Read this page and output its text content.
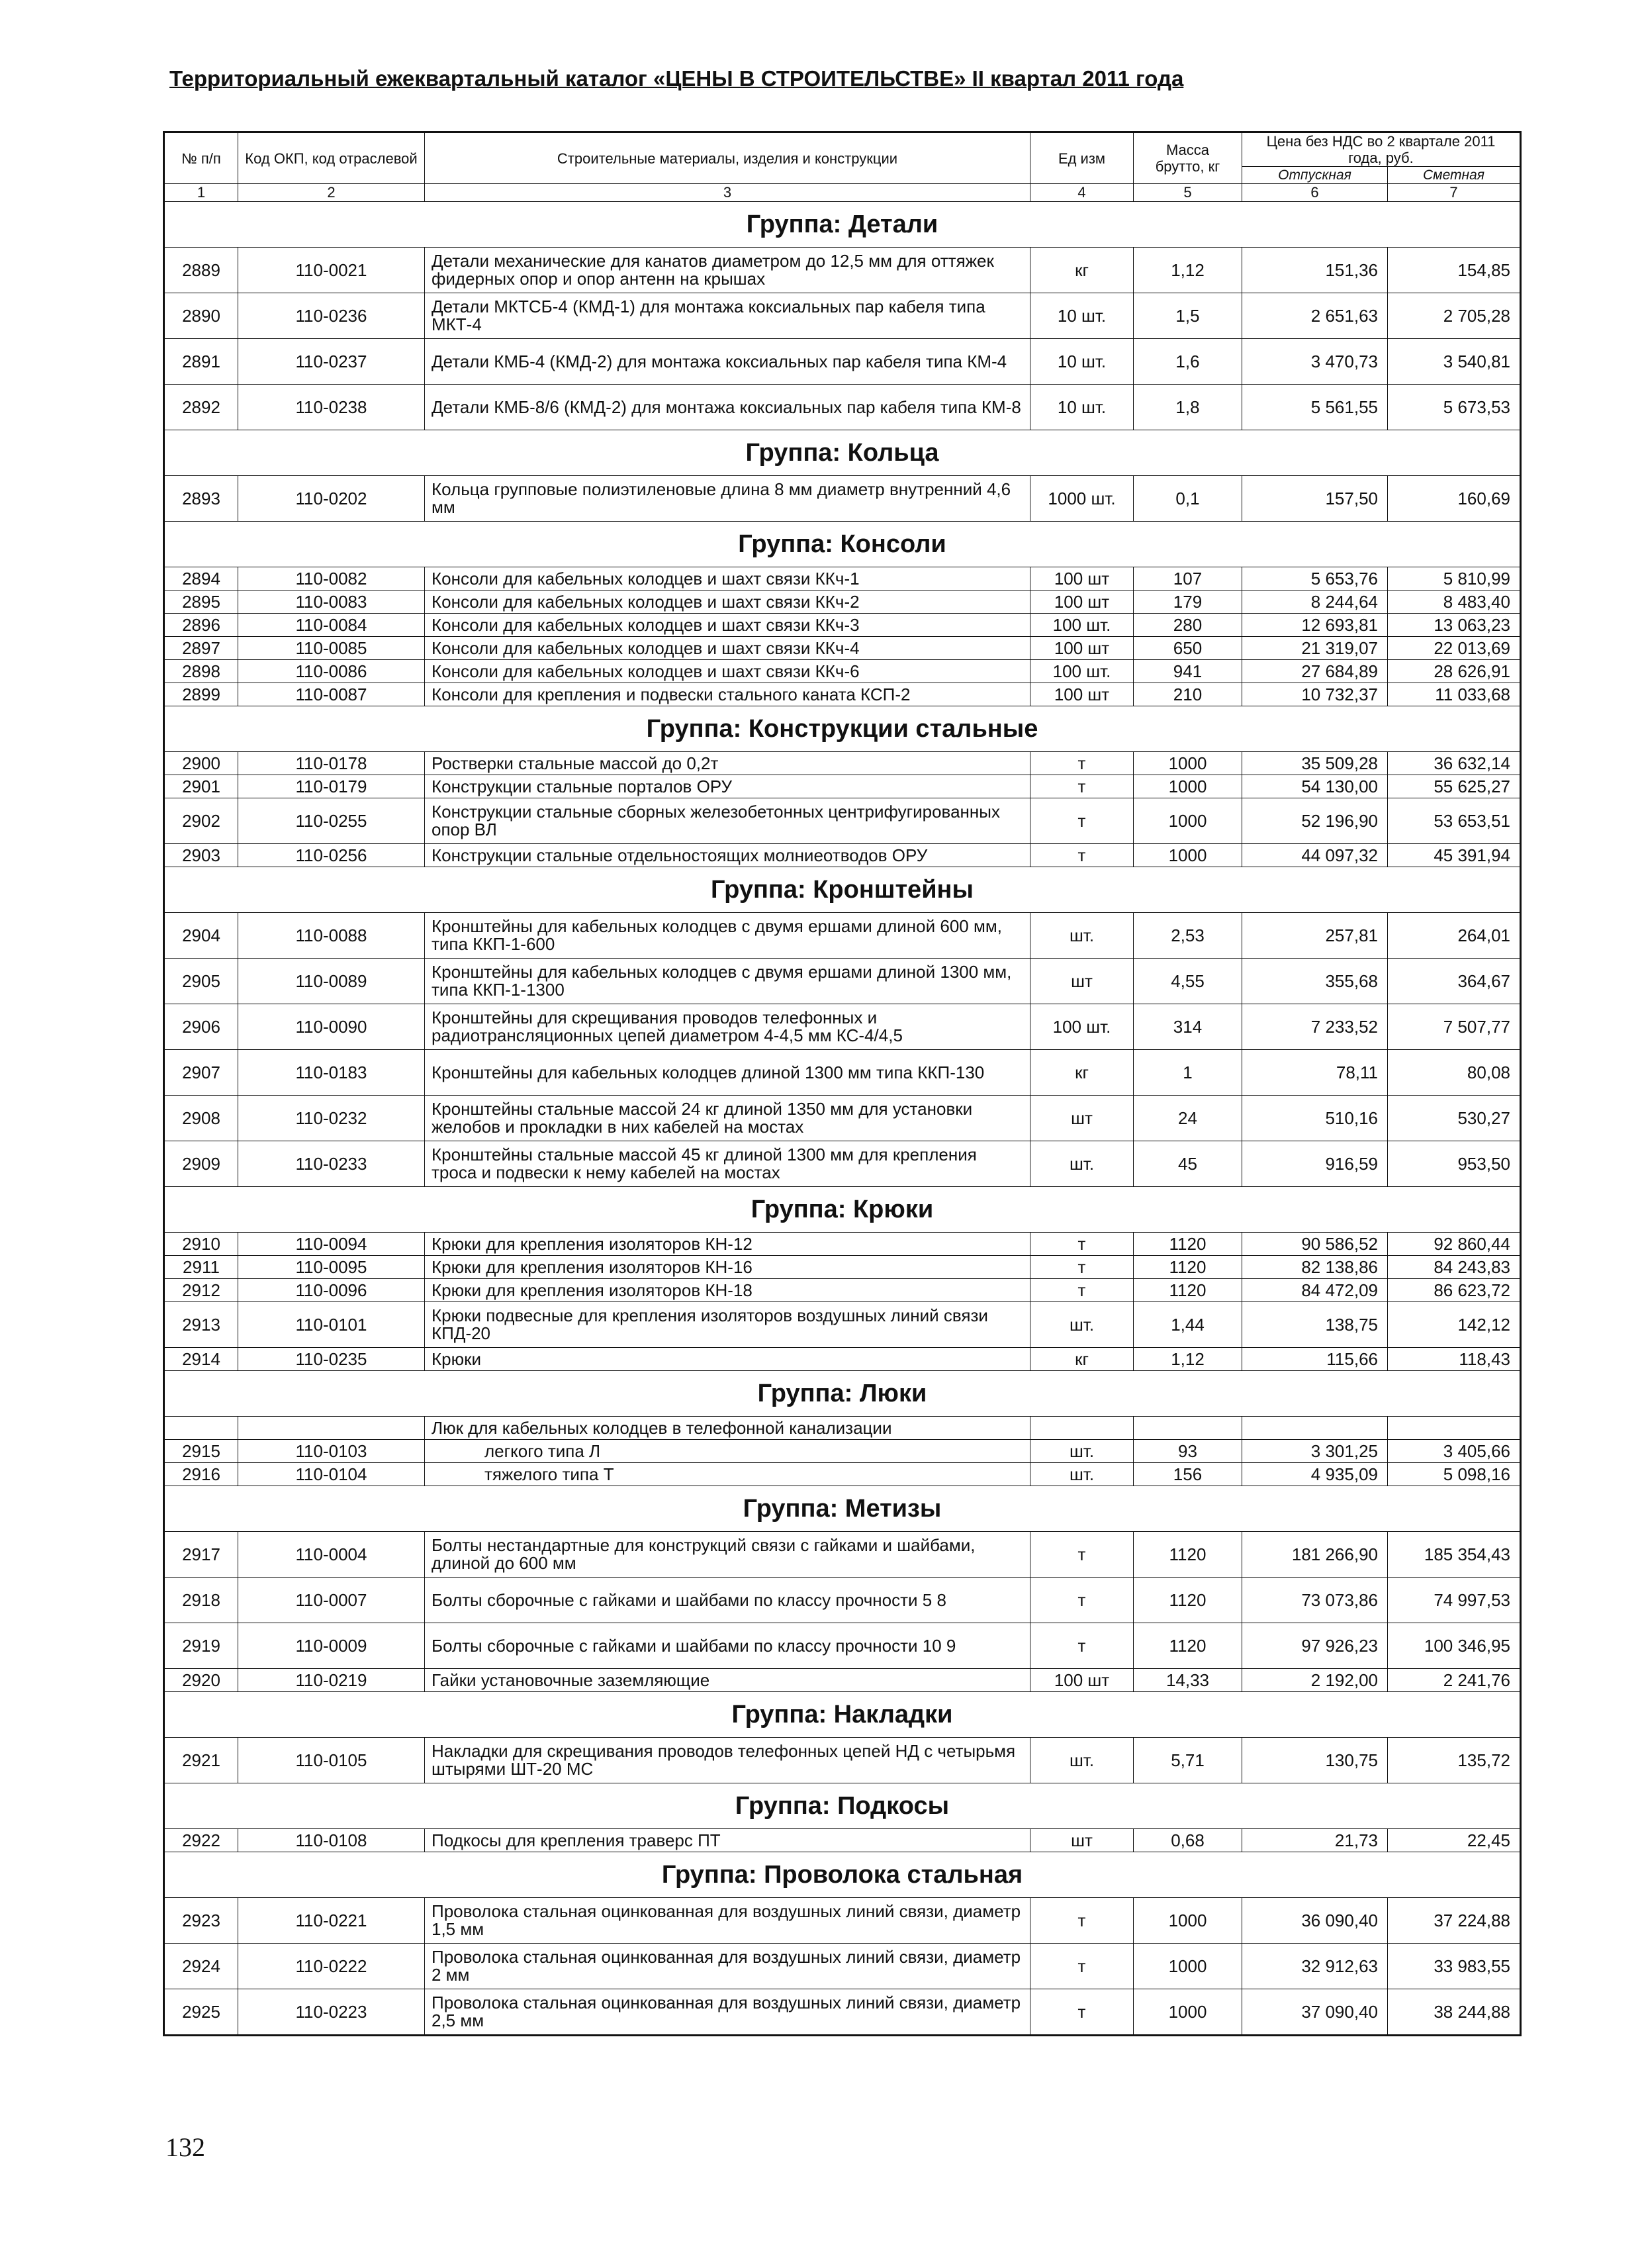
Территориальный ежеквартальный каталог «ЦЕНЫ В СТРОИТЕЛЬСТВЕ» II квартал 2011 года
№ п/п	Код ОКП, код отраслевой	Строительные материалы, изделия и конструкции	Ед изм	Масса брутто, кг	Цена без НДС во 2 квартале 2011 года, руб.	
					Отпускная	Сметная
1	2	3	4	5	6	7
Группа: Детали						
2889	110-0021	Детали механические для канатов диаметром до 12,5 мм для оттяжек фидерных опор и опор антенн на крышах	кг	1,12	151,36	154,85
2890	110-0236	Детали МКТСБ-4 (КМД-1) для монтажа коксиальных пар кабеля типа МКТ-4	10 шт.	1,5	2 651,63	2 705,28
2891	110-0237	Детали КМБ-4 (КМД-2) для монтажа коксиальных пар кабеля типа КМ-4	10 шт.	1,6	3 470,73	3 540,81
2892	110-0238	Детали КМБ-8/6 (КМД-2) для монтажа коксиальных пар кабеля типа КМ-8	10 шт.	1,8	5 561,55	5 673,53
Группа: Кольца						
2893	110-0202	Кольца групповые полиэтиленовые длина 8 мм диаметр внутренний 4,6 мм	1000 шт.	0,1	157,50	160,69
Группа: Консоли						
2894	110-0082	Консоли для кабельных колодцев и шахт связи ККч-1	100 шт	107	5 653,76	5 810,99
2895	110-0083	Консоли для кабельных колодцев и шахт связи ККч-2	100 шт	179	8 244,64	8 483,40
2896	110-0084	Консоли для кабельных колодцев и шахт связи ККч-3	100 шт.	280	12 693,81	13 063,23
2897	110-0085	Консоли для кабельных колодцев и шахт связи ККч-4	100 шт	650	21 319,07	22 013,69
2898	110-0086	Консоли для кабельных колодцев и шахт связи ККч-6	100 шт.	941	27 684,89	28 626,91
2899	110-0087	Консоли для крепления и подвески стального каната КСП-2	100 шт	210	10 732,37	11 033,68
Группа: Конструкции стальные						
2900	110-0178	Ростверки стальные массой до 0,2т	т	1000	35 509,28	36 632,14
2901	110-0179	Конструкции стальные порталов ОРУ	т	1000	54 130,00	55 625,27
2902	110-0255	Конструкции стальные сборных железобетонных центрифугированных опор ВЛ	т	1000	52 196,90	53 653,51
2903	110-0256	Конструкции стальные отдельностоящих молниеотводов ОРУ	т	1000	44 097,32	45 391,94
Группа: Кронштейны						
2904	110-0088	Кронштейны для кабельных колодцев с двумя ершами длиной 600 мм, типа ККП-1-600	шт.	2,53	257,81	264,01
2905	110-0089	Кронштейны для кабельных колодцев с двумя ершами длиной 1300 мм, типа ККП-1-1300	шт	4,55	355,68	364,67
2906	110-0090	Кронштейны для скрещивания проводов телефонных и радиотрансляционных цепей диаметром 4-4,5 мм КС-4/4,5	100 шт.	314	7 233,52	7 507,77
2907	110-0183	Кронштейны для кабельных колодцев длиной 1300 мм типа ККП-130	кг	1	78,11	80,08
2908	110-0232	Кронштейны стальные массой 24 кг длиной 1350 мм для установки желобов и прокладки в них кабелей на мостах	шт	24	510,16	530,27
2909	110-0233	Кронштейны стальные массой 45 кг длиной 1300 мм для крепления троса и подвески к нему кабелей на мостах	шт.	45	916,59	953,50
Группа: Крюки						
2910	110-0094	Крюки для крепления изоляторов КН-12	т	1120	90 586,52	92 860,44
2911	110-0095	Крюки для крепления изоляторов КН-16	т	1120	82 138,86	84 243,83
2912	110-0096	Крюки для крепления изоляторов КН-18	т	1120	84 472,09	86 623,72
2913	110-0101	Крюки подвесные для крепления изоляторов воздушных линий связи КПД-20	шт.	1,44	138,75	142,12
2914	110-0235	Крюки	кг	1,12	115,66	118,43
Группа: Люки						
		Люк для кабельных колодцев в телефонной канализации				
2915	110-0103	легкого типа Л	шт.	93	3 301,25	3 405,66
2916	110-0104	тяжелого типа Т	шт.	156	4 935,09	5 098,16
Группа: Метизы						
2917	110-0004	Болты нестандартные для конструкций связи с гайками и шайбами, длиной до 600 мм	т	1120	181 266,90	185 354,43
2918	110-0007	Болты сборочные с гайками и шайбами по классу прочности 5 8	т	1120	73 073,86	74 997,53
2919	110-0009	Болты сборочные с гайками и шайбами по классу прочности 10 9	т	1120	97 926,23	100 346,95
2920	110-0219	Гайки установочные заземляющие	100 шт	14,33	2 192,00	2 241,76
Группа: Накладки						
2921	110-0105	Накладки для скрещивания проводов телефонных цепей НД с четырьмя штырями ШТ-20 МС	шт.	5,71	130,75	135,72
Группа: Подкосы						
2922	110-0108	Подкосы для крепления траверс ПТ	шт	0,68	21,73	22,45
Группа: Проволока стальная						
2923	110-0221	Проволока стальная оцинкованная для воздушных линий связи, диаметр 1,5 мм	т	1000	36 090,40	37 224,88
2924	110-0222	Проволока стальная оцинкованная для воздушных линий связи, диаметр 2 мм	т	1000	32 912,63	33 983,55
2925	110-0223	Проволока стальная оцинкованная для воздушных линий связи, диаметр 2,5 мм	т	1000	37 090,40	38 244,88
132
